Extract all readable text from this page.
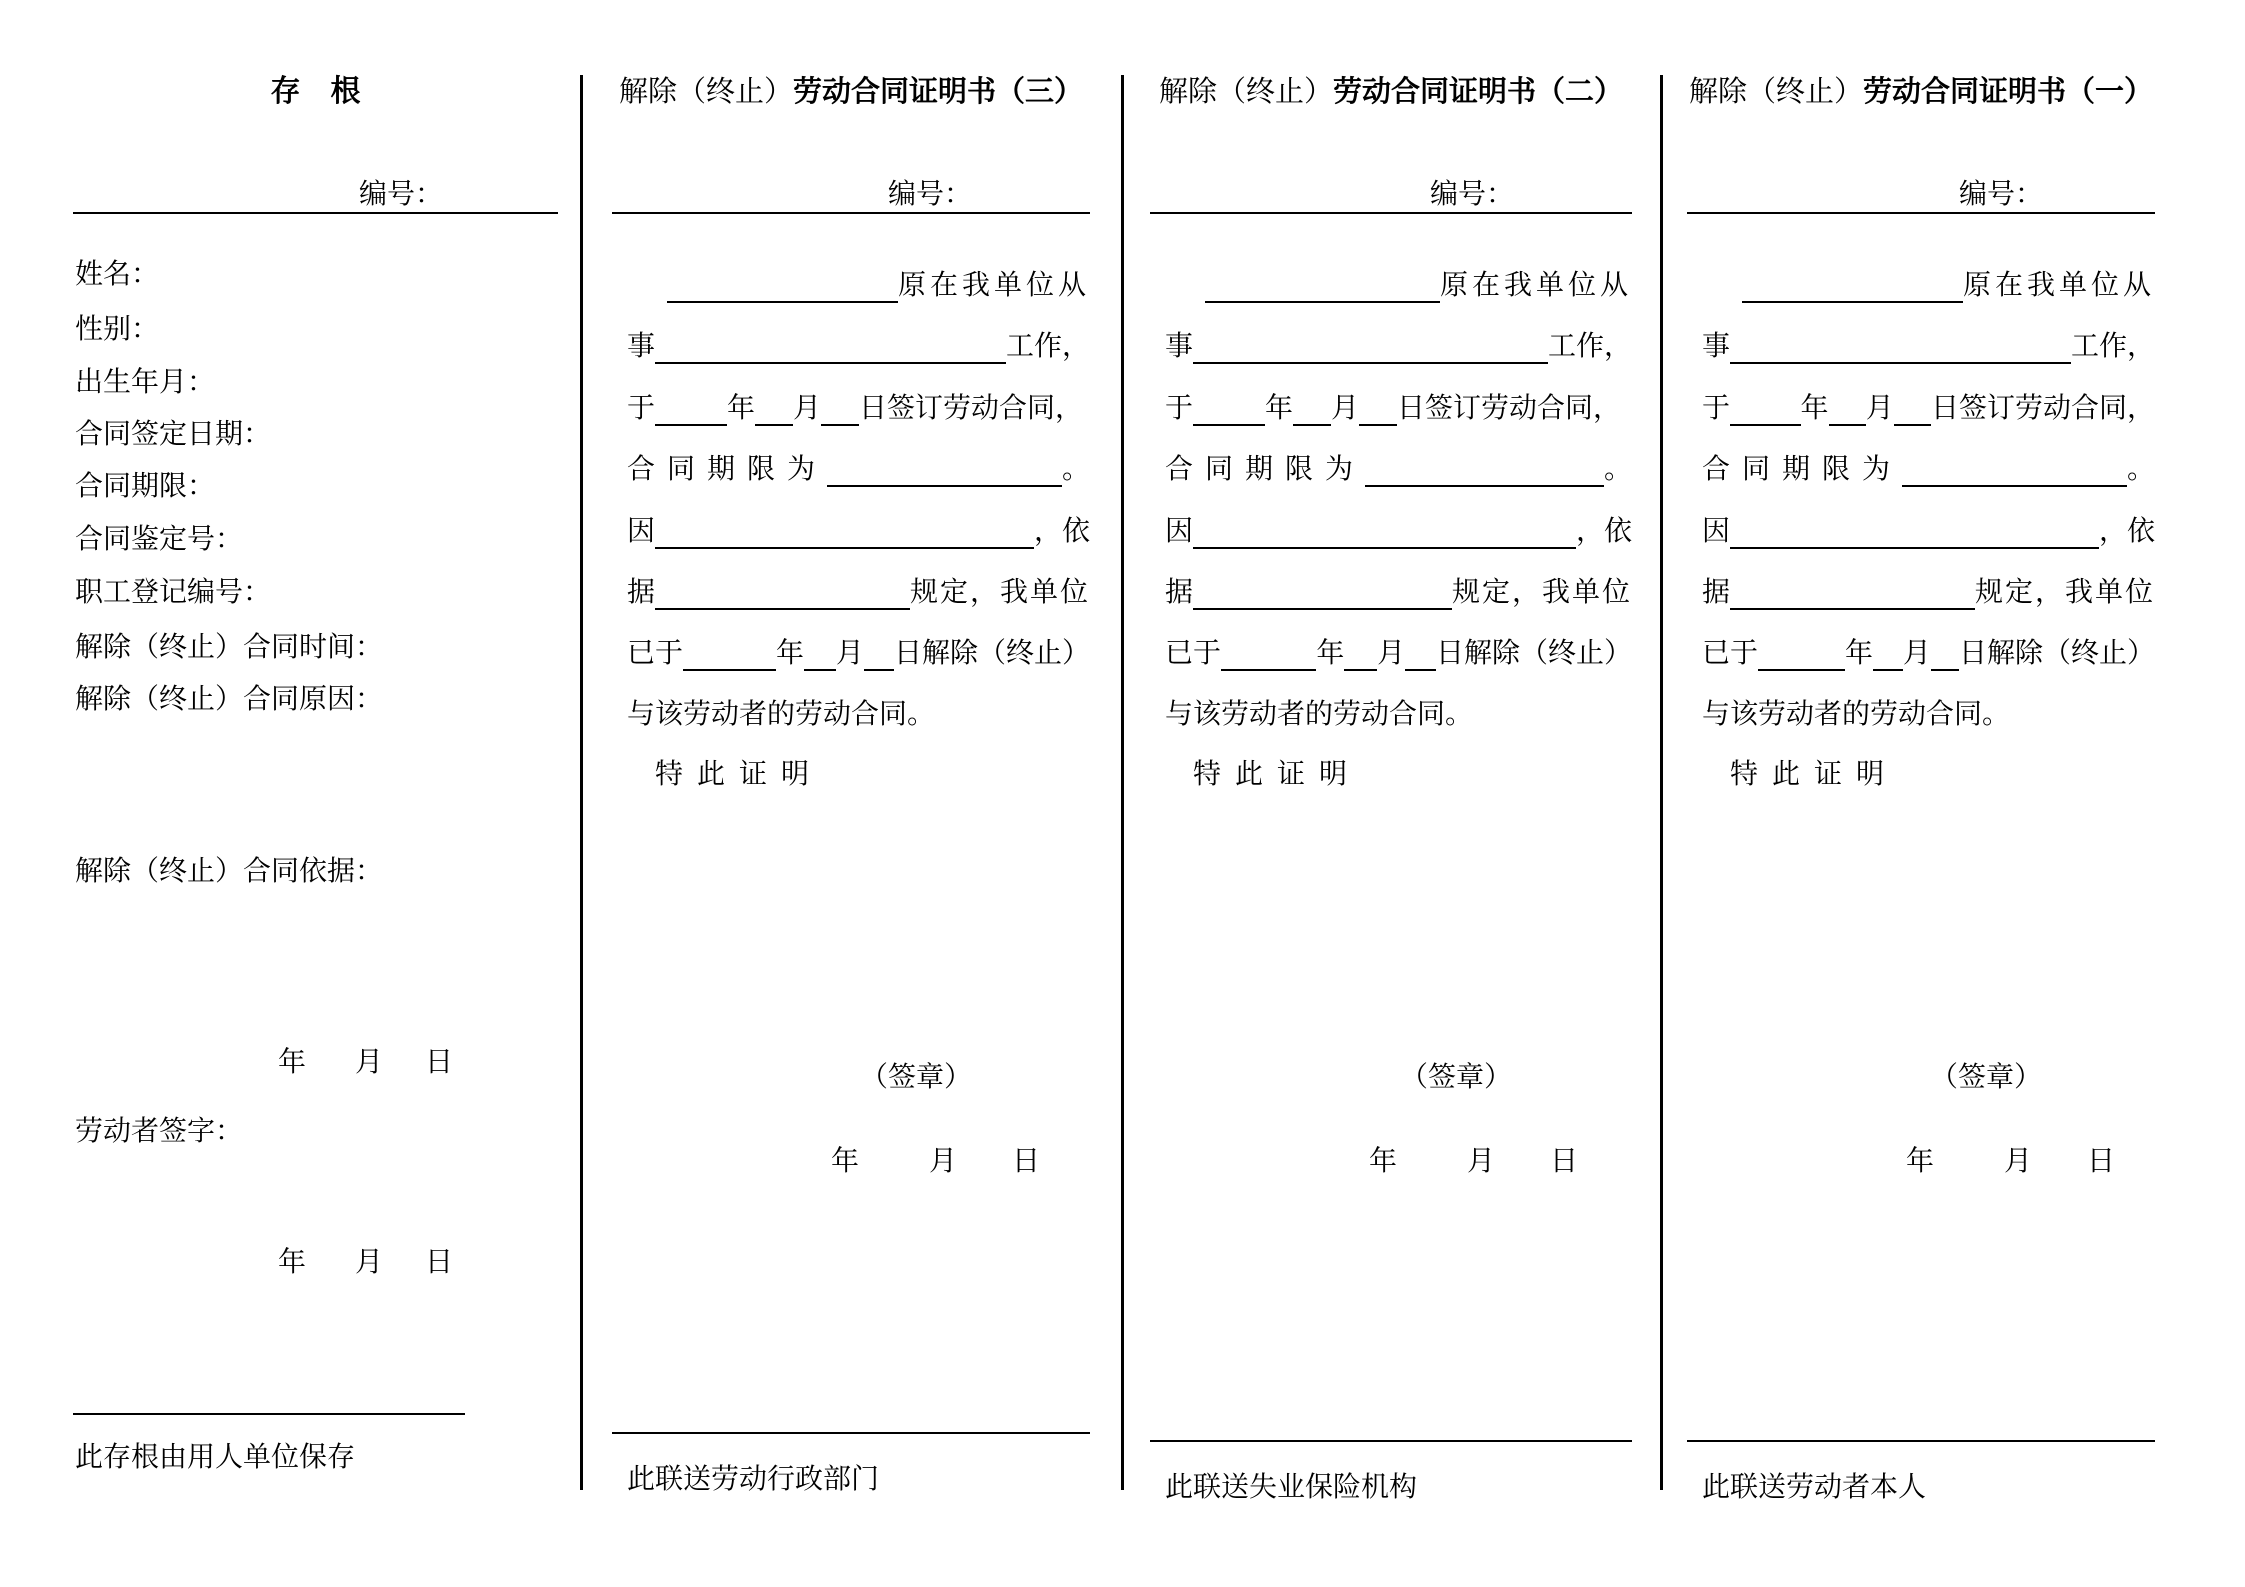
存　根
编号：
姓名：
性别：
出生年月：
合同签定日期：
合同期限：
合同鉴定号：
职工登记编号：
解除（终止）合同时间：
解除（终止）合同原因：
解除（终止）合同依据：
年 月 日
劳动者签字：
年 月 日
此存根由用人单位保存
解除（终止）劳动合同证明书（三）
编号：
原在我单位从
事	工作，
于	年 月 日签订劳动合同，
合同期限为	。
因	，依
据	规定，我单位
已于	年 月 日解除（终止）
与该劳动者的劳动合同。
特此证明
（签章）
年	月 日
此联送劳动行政部门
解除（终止）劳动合同证明书（二）
编号：
原在我单位从
事	工作，
于	年 月 日签订劳动合同，
合同期限为	。
因	，依
据	规定，我单位
已于	年 月 日解除（终止）
与该劳动者的劳动合同。
特此证明
（签章）
年	月 日
此联送失业保险机构
解除（终止）劳动合同证明书（一）
编号：
原在我单位从
事	工作，
于	年 月 日签订劳动合同，
合同期限为	。
因	，依
据	规定，我单位
已于	年 月 日解除（终止）
与该劳动者的劳动合同。
特此证明
（签章）
年	月 日
此联送劳动者本人
